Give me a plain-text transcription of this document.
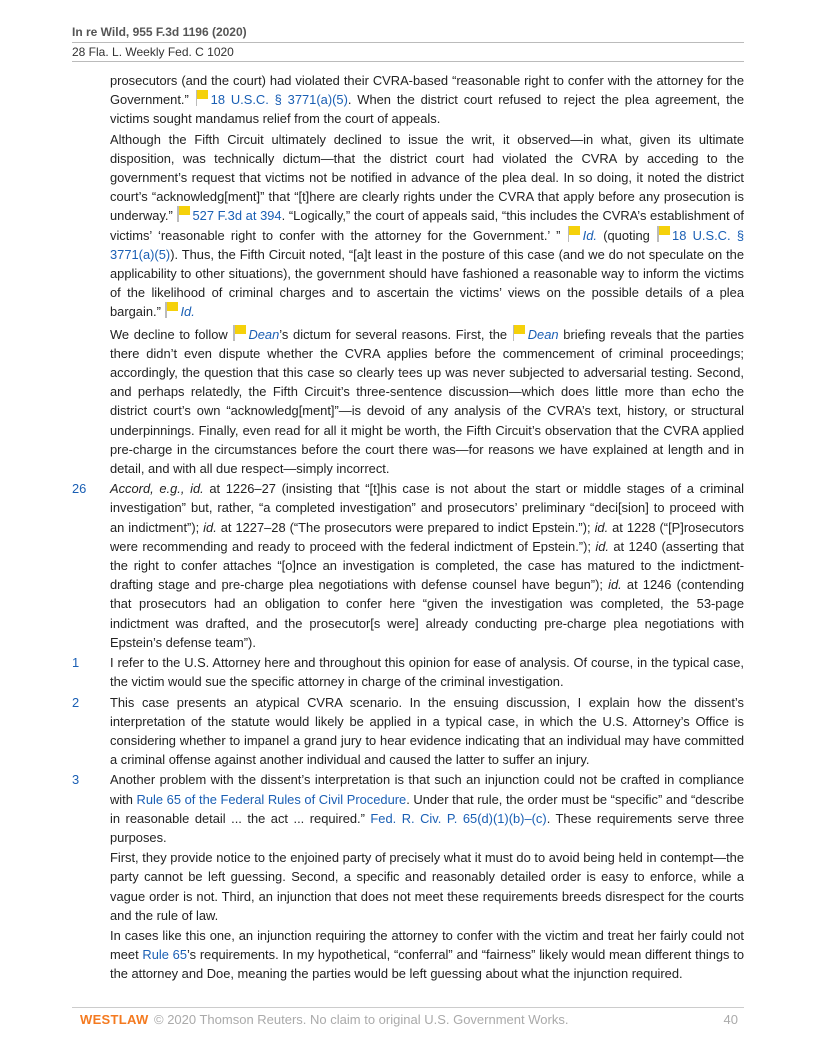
In re Wild, 955 F.3d 1196 (2020)
28 Fla. L. Weekly Fed. C 1020

prosecutors (and the court) had violated their CVRA-based “reasonable right to confer with the attorney for the Government.” 18 U.S.C. § 3771(a)(5). When the district court refused to reject the plea agreement, the victims sought mandamus relief from the court of appeals.

Although the Fifth Circuit ultimately declined to issue the writ, it observed—in what, given its ultimate disposition, was technically dictum—that the district court had violated the CVRA by acceding to the government’s request that victims not be notified in advance of the plea deal. In so doing, it noted the district court’s “acknowledg[ment]” that “[t]here are clearly rights under the CVRA that apply before any prosecution is underway.” 527 F.3d at 394. “Logically,” the court of appeals said, “this includes the CVRA’s establishment of victims’ ‘reasonable right to confer with the attorney for the Government.’ ” Id. (quoting 18 U.S.C. § 3771(a)(5)). Thus, the Fifth Circuit noted, “[a]t least in the posture of this case (and we do not speculate on the applicability to other situations), the government should have fashioned a reasonable way to inform the victims of the likelihood of criminal charges and to ascertain the victims’ views on the possible details of a plea bargain.” Id.

We decline to follow Dean’s dictum for several reasons. First, the Dean briefing reveals that the parties there didn’t even dispute whether the CVRA applies before the commencement of criminal proceedings; accordingly, the question that this case so clearly tees up was never subjected to adversarial testing. Second, and perhaps relatedly, the Fifth Circuit’s three-sentence discussion—which does little more than echo the district court’s own “acknowledg[ment]”—is devoid of any analysis of the CVRA’s text, history, or structural underpinnings. Finally, even read for all it might be worth, the Fifth Circuit’s observation that the CVRA applied pre-charge in the circumstances before the court there was—for reasons we have explained at length and in detail, and with all due respect—simply incorrect.

26 Accord, e.g., id. at 1226–27 (insisting that “[t]his case is not about the start or middle stages of a criminal investigation” but, rather, “a completed investigation” and prosecutors’ preliminary “deci[sion] to proceed with an indictment”); id. at 1227–28 (“The prosecutors were prepared to indict Epstein.”); id. at 1228 (“[P]rosecutors were recommending and ready to proceed with the federal indictment of Epstein.”); id. at 1240 (asserting that the right to confer attaches “[o]nce an investigation is completed, the case has matured to the indictment-drafting stage and pre-charge plea negotiations with defense counsel have begun”); id. at 1246 (contending that prosecutors had an obligation to confer here “given the investigation was completed, the 53-page indictment was drafted, and the prosecutor[s were] already conducting pre-charge plea negotiations with Epstein’s defense team”).

1 I refer to the U.S. Attorney here and throughout this opinion for ease of analysis. Of course, in the typical case, the victim would sue the specific attorney in charge of the criminal investigation.

2 This case presents an atypical CVRA scenario. In the ensuing discussion, I explain how the dissent’s interpretation of the statute would likely be applied in a typical case, in which the U.S. Attorney’s Office is considering whether to impanel a grand jury to hear evidence indicating that an individual may have committed a criminal offense against another individual and caused the latter to suffer an injury.

3 Another problem with the dissent’s interpretation is that such an injunction could not be crafted in compliance with Rule 65 of the Federal Rules of Civil Procedure. Under that rule, the order must be “specific” and “describe in reasonable detail ... the act ... required.” Fed. R. Civ. P. 65(d)(1)(b)–(c). These requirements serve three purposes.

First, they provide notice to the enjoined party of precisely what it must do to avoid being held in contempt—the party cannot be left guessing. Second, a specific and reasonably detailed order is easy to enforce, while a vague order is not. Third, an injunction that does not meet these requirements breeds disrespect for the courts and the rule of law.

In cases like this one, an injunction requiring the attorney to confer with the victim and treat her fairly could not meet Rule 65’s requirements. In my hypothetical, “conferral” and “fairness” likely would mean different things to the attorney and Doe, meaning the parties would be left guessing about what the injunction required.

WESTLAW © 2020 Thomson Reuters. No claim to original U.S. Government Works.	40
